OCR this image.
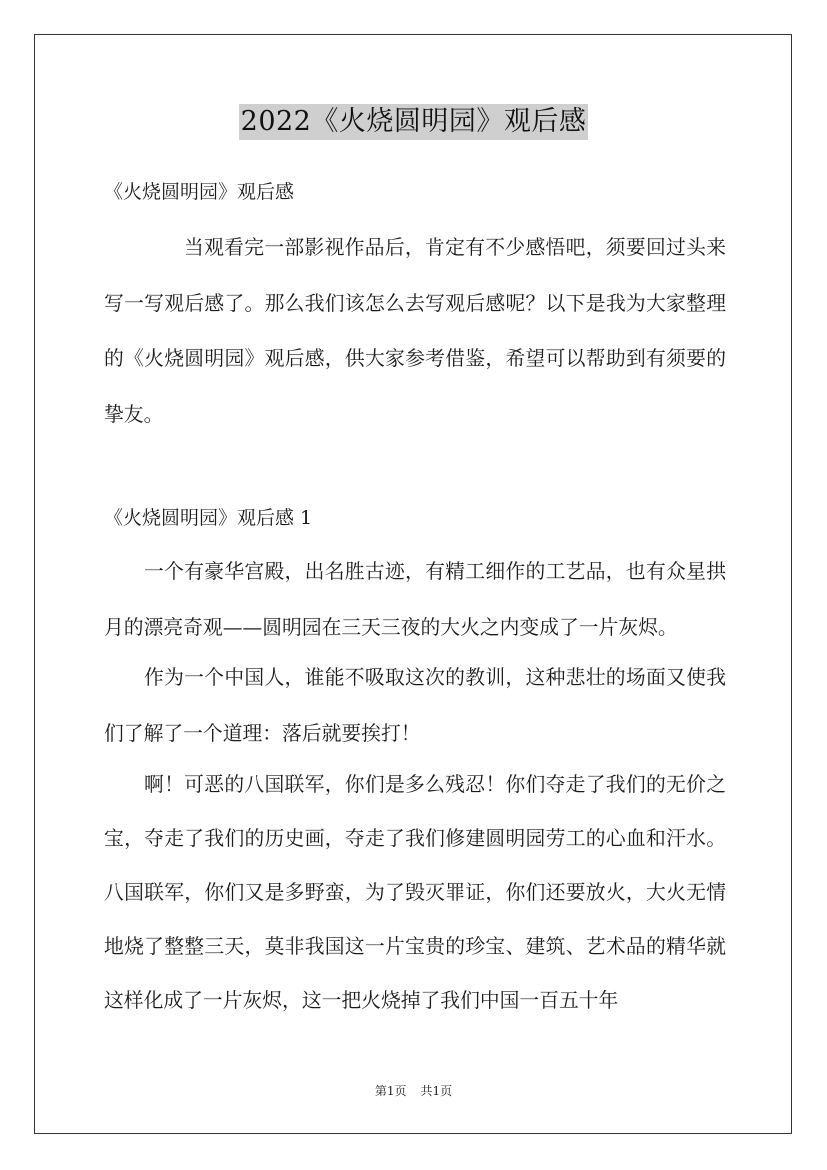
2022《火烧圆明园》观后感
《火烧圆明园》观后感

当观看完一部影视作品后，肯定有不少感悟吧，须要回过头来写一写观后感了。那么我们该怎么去写观后感呢？以下是我为大家整理的《火烧圆明园》观后感，供大家参考借鉴，希望可以帮助到有须要的挚友。

《火烧圆明园》观后感 1

一个有豪华宫殿，出名胜古迹，有精工细作的工艺品，也有众星拱月的漂亮奇观——圆明园在三天三夜的大火之内变成了一片灰烬。

作为一个中国人，谁能不吸取这次的教训，这种悲壮的场面又使我们了解了一个道理：落后就要挨打！

啊！可恶的八国联军，你们是多么残忍！你们夺走了我们的无价之宝，夺走了我们的历史画，夺走了我们修建圆明园劳工的心血和汗水。八国联军，你们又是多野蛮，为了毁灭罪证，你们还要放火，大火无情地烧了整整三天，莫非我国这一片宝贵的珍宝、建筑、艺术品的精华就这样化成了一片灰烬，这一把火烧掉了我们中国一百五十年

第1页 共1页
